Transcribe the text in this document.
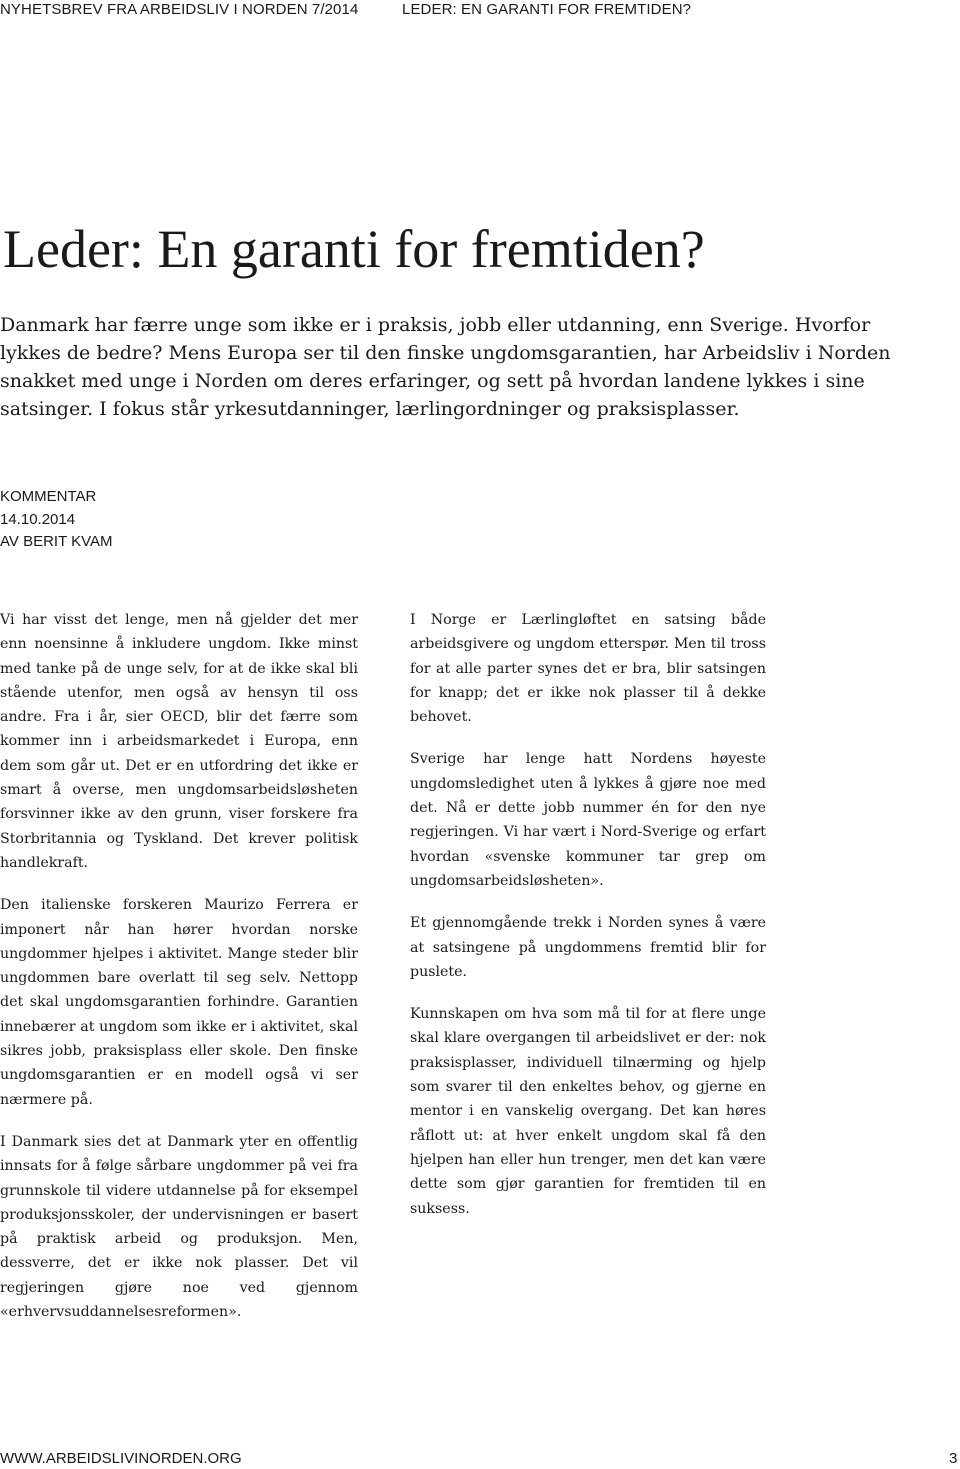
NYHETSBREV FRA ARBEIDSLIV I NORDEN 7/2014	LEDER: EN GARANTI FOR FREMTIDEN?
Leder: En garanti for fremtiden?

Danmark har færre unge som ikke er i praksis, jobb eller utdanning, enn Sverige. Hvorfor lykkes de bedre? Mens Europa ser til den finske ungdomsgarantien, har Arbeidsliv i Norden snakket med unge i Norden om deres erfaringer, og sett på hvordan landene lykkes i sine satsinger. I fokus står yrkesutdanninger, lærlingordninger og praksisplasser.

KOMMENTAR
14.10.2014
AV BERIT KVAM

Vi har visst det lenge, men nå gjelder det mer enn noensinne å inkludere ungdom. Ikke minst med tanke på de unge selv, for at de ikke skal bli stående utenfor, men også av hensyn til oss andre. Fra i år, sier OECD, blir det færre som kommer inn i arbeidsmarkedet i Europa, enn dem som går ut. Det er en utfordring det ikke er smart å overse, men ungdomsarbeidsløsheten forsvinner ikke av den grunn, viser forskere fra Storbritannia og Tyskland. Det krever politisk handlekraft.

Den italienske forskeren Maurizo Ferrera er imponert når han hører hvordan norske ungdommer hjelpes i aktivitet. Mange steder blir ungdommen bare overlatt til seg selv. Nettopp det skal ungdomsgarantien forhindre. Garantien innebærer at ungdom som ikke er i aktivitet, skal sikres jobb, praksisplass eller skole. Den finske ungdomsgarantien er en modell også vi ser nærmere på.

I Danmark sies det at Danmark yter en offentlig innsats for å følge sårbare ungdommer på vei fra grunnskole til videre utdannelse på for eksempel produksjonsskoler, der undervisningen er basert på praktisk arbeid og produksjon. Men, dessverre, det er ikke nok plasser. Det vil regjeringen gjøre noe ved gjennom «erhvervsuddannelsesreformen».

I Norge er Lærlingløftet en satsing både arbeidsgivere og ungdom etterspør. Men til tross for at alle parter synes det er bra, blir satsingen for knapp; det er ikke nok plasser til å dekke behovet.

Sverige har lenge hatt Nordens høyeste ungdomsledighet uten å lykkes å gjøre noe med det. Nå er dette jobb nummer én for den nye regjeringen. Vi har vært i Nord-Sverige og erfart hvordan «svenske kommuner tar grep om ungdomsarbeidsløsheten».

Et gjennomgående trekk i Norden synes å være at satsingene på ungdommens fremtid blir for puslete.

Kunnskapen om hva som må til for at flere unge skal klare overgangen til arbeidslivet er der: nok praksisplasser, individuell tilnærming og hjelp som svarer til den enkeltes behov, og gjerne en mentor i en vanskelig overgang. Det kan høres råflott ut: at hver enkelt ungdom skal få den hjelpen han eller hun trenger, men det kan være dette som gjør garantien for fremtiden til en suksess.

WWW.ARBEIDSLIVINORDEN.ORG	3
